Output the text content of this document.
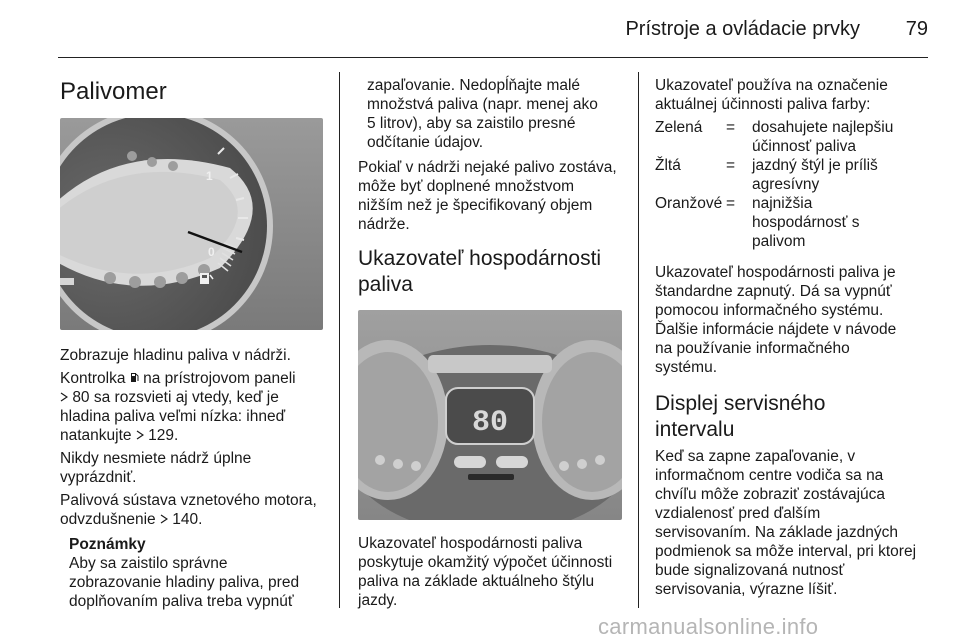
Prístroje a ovládacie prvky	79
Palivomer
1
0

Zobrazuje hladinu paliva v nádrži.

Kontrolka na prístrojovom paneli
80 sa rozsvieti aj vtedy, keď je
hladina paliva veľmi nízka: ihneď
natankujte 129.

Nikdy nesmiete nádrž úplne
vyprázdniť.

Palivová sústava vznetového motora,
odvzdušnenie 140.

Poznámky
Aby sa zaistilo správne
zobrazovanie hladiny paliva, pred
doplňovaním paliva treba vypnúť
zapaľovanie. Nedopĺňajte malé
množstvá paliva (napr. menej ako
5 litrov), aby sa zaistilo presné
odčítanie údajov.

Pokiaľ v nádrži nejaké palivo zostáva,
môže byť doplnené množstvom
nižším než je špecifikovaný objem
nádrže.

Ukazovateľ hospodárnosti
paliva
80

Ukazovateľ hospodárnosti paliva
poskytuje okamžitý výpočet účinnosti
paliva na základe aktuálneho štýlu
jazdy.

Ukazovateľ používa na označenie
aktuálnej účinnosti paliva farby:

Zelená	=	dosahujete najlepšiu
účinnosť paliva
Žltá	=	jazdný štýl je príliš
agresívny
Oranžové =	najnižšia
hospodárnosť s
palivom

Ukazovateľ hospodárnosti paliva je
štandardne zapnutý. Dá sa vypnúť
pomocou informačného systému.
Ďalšie informácie nájdete v návode
na používanie informačného
systému.

Displej servisného
intervalu

Keď sa zapne zapaľovanie, v
informačnom centre vodiča sa na
chvíľu môže zobraziť zostávajúca
vzdialenosť pred ďalším
servisovaním. Na základe jazdných
podmienok sa môže interval, pri ktorej
bude signalizovaná nutnosť
servisovania, výrazne líšiť.

carmanualsonline.info
